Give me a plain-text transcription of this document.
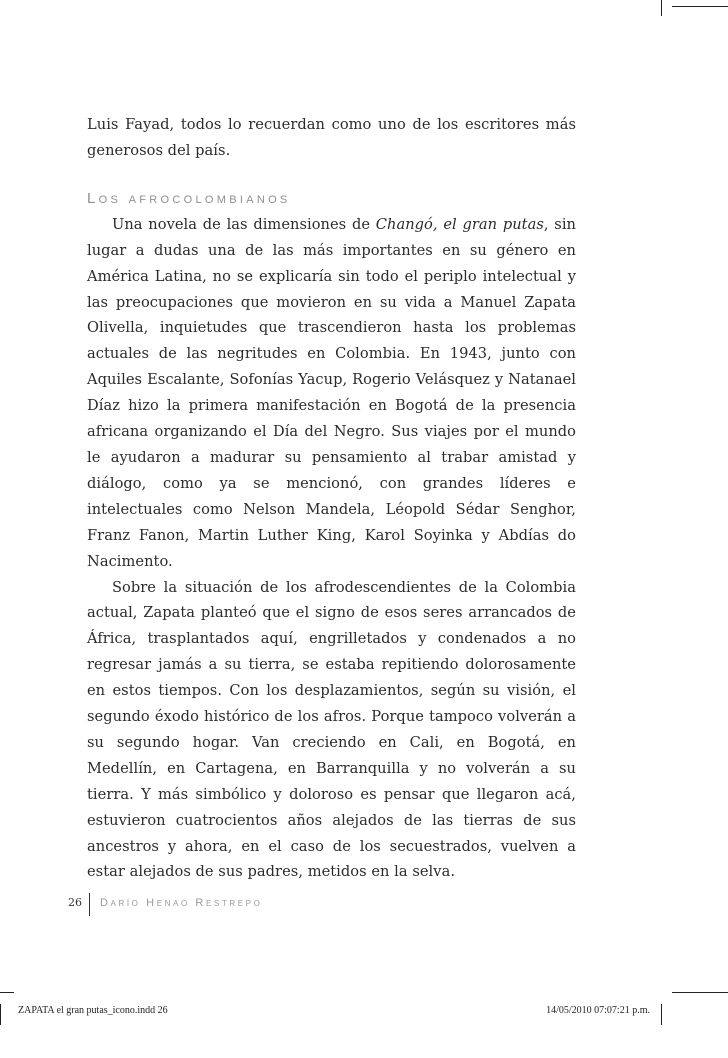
Luis Fayad, todos lo recuerdan como uno de los escritores más generosos del país.

Los afrocolombianos

Una novela de las dimensiones de Changó, el gran putas, sin lugar a dudas una de las más importantes en su género en América Latina, no se explicaría sin todo el periplo intelectual y las preocupaciones que movieron en su vida a Manuel Zapata Olivella, inquietudes que trascendieron hasta los problemas actuales de las negritudes en Colombia. En 1943, junto con Aquiles Escalante, Sofonías Yacup, Rogerio Velásquez y Natanael Díaz hizo la primera manifestación en Bogotá de la presencia africana organizando el Día del Negro. Sus viajes por el mundo le ayudaron a madurar su pensamiento al trabar amistad y diálogo, como ya se mencionó, con grandes líderes e intelectuales como Nelson Mandela, Léopold Sédar Senghor, Franz Fanon, Martin Luther King, Karol Soyinka y Abdías do Nacimento.

Sobre la situación de los afrodescendientes de la Colombia actual, Zapata planteó que el signo de esos seres arrancados de África, trasplantados aquí, engrilletados y condenados a no regresar jamás a su tierra, se estaba repitiendo dolorosamente en estos tiempos. Con los desplazamientos, según su visión, el segundo éxodo histórico de los afros. Porque tampoco volverán a su segundo hogar. Van creciendo en Cali, en Bogotá, en Medellín, en Cartagena, en Barranquilla y no volverán a su tierra. Y más simbólico y doloroso es pensar que llegaron acá, estuvieron cuatrocientos años alejados de las tierras de sus ancestros y ahora, en el caso de los secuestrados, vuelven a estar alejados de sus padres, metidos en la selva.

26 Darío Henao Restrepo
ZAPATA el gran putas_icono.indd 26	14/05/2010 07:07:21 p.m.
